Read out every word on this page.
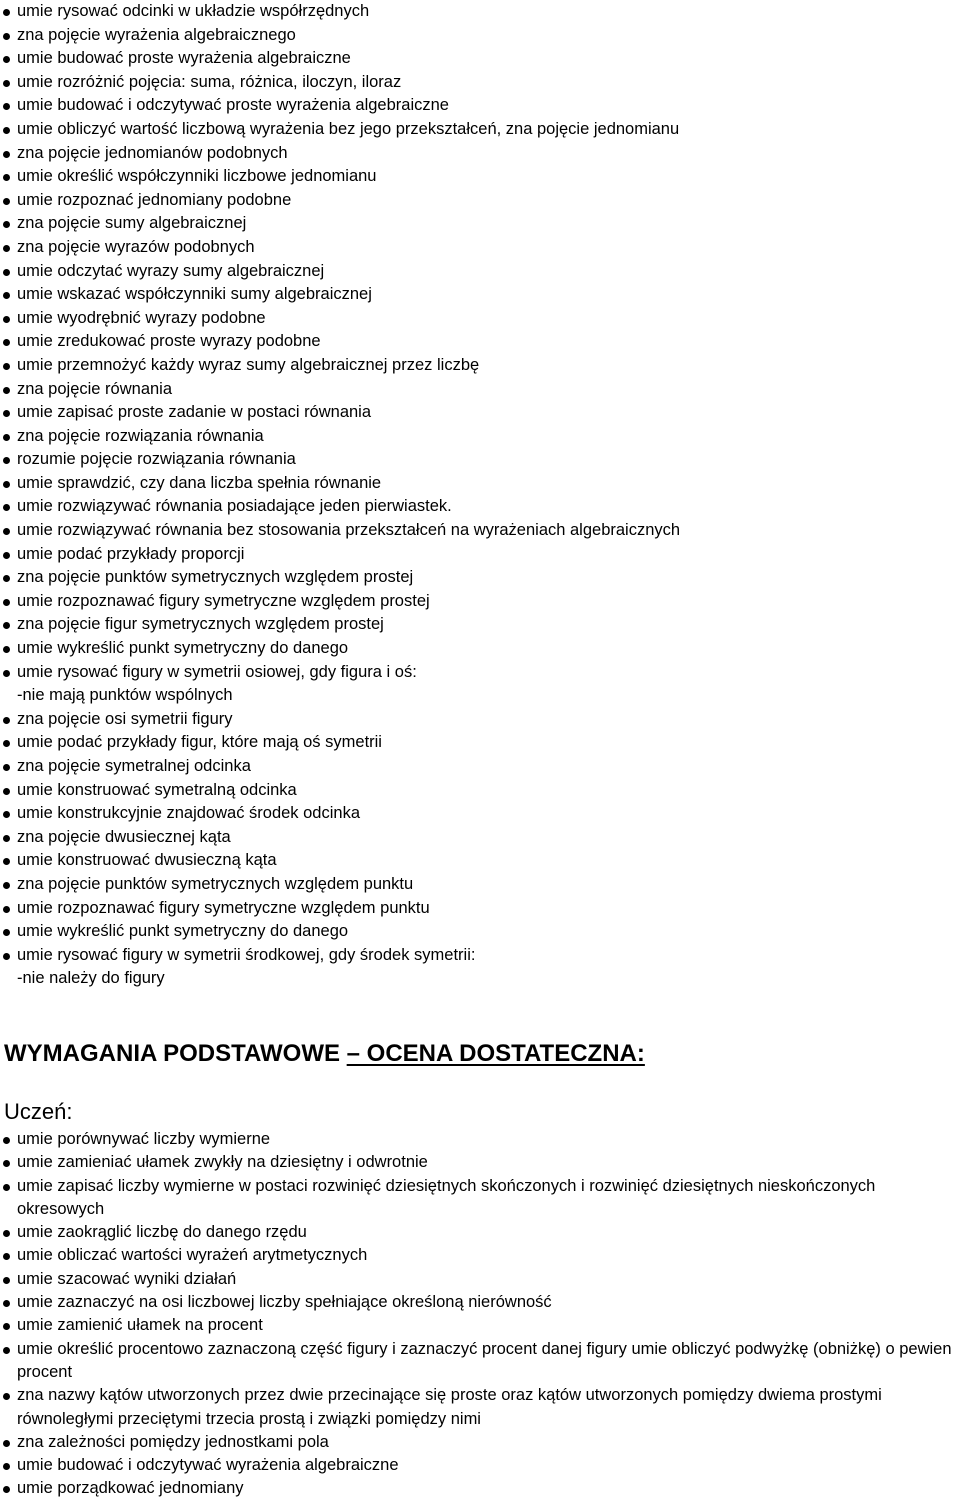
umie rysować odcinki w układzie współrzędnych
zna pojęcie wyrażenia algebraicznego
umie budować proste wyrażenia algebraiczne
umie rozróżnić pojęcia: suma, różnica, iloczyn, iloraz
umie budować i odczytywać proste wyrażenia algebraiczne
umie obliczyć wartość liczbową wyrażenia bez jego przekształceń, zna pojęcie jednomianu
zna pojęcie jednomianów podobnych
umie określić współczynniki liczbowe jednomianu
umie rozpoznać jednomiany podobne
zna pojęcie sumy algebraicznej
zna pojęcie wyrazów podobnych
umie odczytać wyrazy sumy algebraicznej
umie wskazać współczynniki sumy algebraicznej
umie wyodrębnić wyrazy podobne
umie zredukować proste wyrazy podobne
umie przemnożyć każdy wyraz sumy algebraicznej przez liczbę
zna pojęcie równania
umie zapisać proste zadanie w postaci równania
zna pojęcie rozwiązania równania
rozumie pojęcie rozwiązania równania
umie sprawdzić, czy dana liczba spełnia równanie
umie rozwiązywać równania posiadające jeden pierwiastek.
umie rozwiązywać równania bez stosowania przekształceń na wyrażeniach algebraicznych
umie podać przykłady proporcji
zna pojęcie punktów symetrycznych względem prostej
umie rozpoznawać figury symetryczne względem prostej
zna pojęcie figur symetrycznych względem prostej
umie wykreślić punkt symetryczny do danego
umie rysować figury w symetrii osiowej, gdy figura i oś:
-nie mają punktów wspólnych
zna pojęcie osi symetrii figury
umie podać przykłady figur, które mają oś symetrii
zna pojęcie symetralnej odcinka
umie konstruować symetralną odcinka
umie konstrukcyjnie znajdować środek odcinka
zna pojęcie dwusiecznej kąta
umie konstruować dwusieczną kąta
zna pojęcie punktów symetrycznych względem punktu
umie rozpoznawać figury symetryczne względem punktu
umie wykreślić punkt symetryczny do danego
umie rysować figury w symetrii środkowej, gdy środek symetrii:
-nie należy do figury
WYMAGANIA PODSTAWOWE – OCENA DOSTATECZNA:
Uczeń:
umie porównywać liczby wymierne
umie zamieniać ułamek zwykły na dziesiętny i odwrotnie
umie zapisać liczby wymierne w postaci rozwinięć dziesiętnych skończonych i rozwinięć dziesiętnych nieskończonych okresowych
umie zaokrąglić liczbę do danego rzędu
umie obliczać wartości wyrażeń arytmetycznych
umie szacować wyniki działań
umie zaznaczyć na osi liczbowej liczby spełniające określoną nierówność
umie zamienić ułamek na procent
umie określić procentowo zaznaczoną część figury i zaznaczyć procent danej figury umie obliczyć podwyżkę (obniżkę) o pewien procent
zna nazwy kątów utworzonych przez dwie przecinające się proste oraz kątów utworzonych pomiędzy dwiema prostymi równoległymi przeciętymi trzecia prostą i związki pomiędzy nimi
zna zależności pomiędzy jednostkami pola
umie budować i odczytywać wyrażenia algebraiczne
umie porządkować jednomiany
